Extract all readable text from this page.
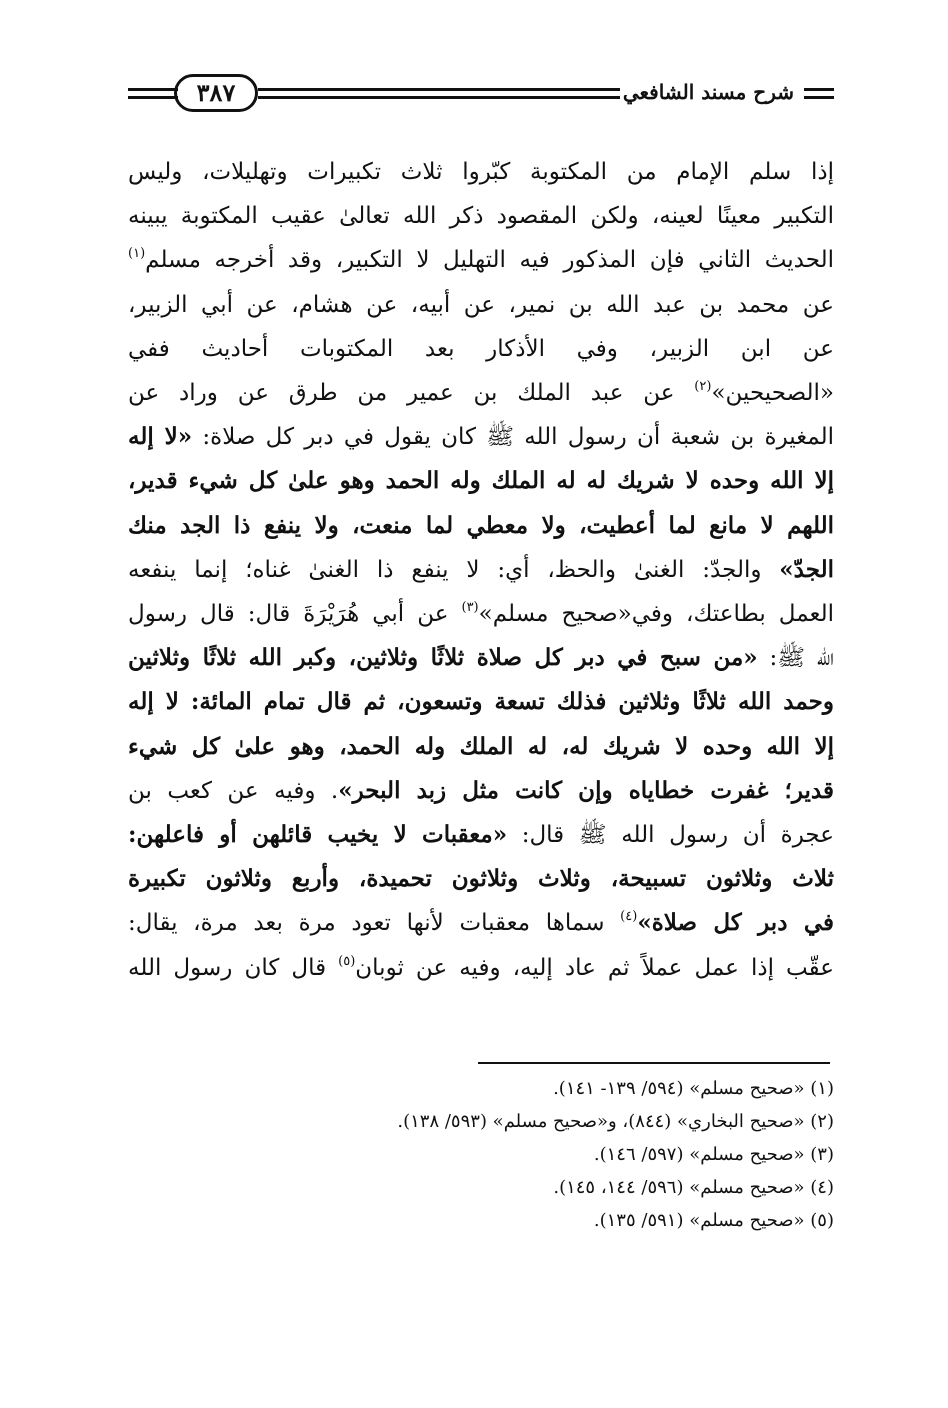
شرح مسند الشافعي
٣٨٧
إذا سلم الإمام من المكتوبة كبّروا ثلاث تكبيرات وتهليلات، وليس
التكبير معينًا لعينه، ولكن المقصود ذكر الله تعالىٰ عقيب المكتوبة يبينه
الحديث الثاني فإن المذكور فيه التهليل لا التكبير، وقد أخرجه مسلم$^{(١)}$
عن محمد بن عبد الله بن نمير، عن أبيه، عن هشام، عن أبي الزبير،
عن ابن الزبير، وفي الأذكار بعد المكتوبات أحاديث ففي
«الصحيحين»$^{(٢)}$ عن عبد الملك بن عمير من طرق عن وراد عن
المغيرة بن شعبة أن رسول الله ﷺ كان يقول في دبر كل صلاة: «لا إله
إلا الله وحده لا شريك له له الملك وله الحمد وهو علىٰ كل شيء قدير،
اللهم لا مانع لما أعطيت، ولا معطي لما منعت، ولا ينفع ذا الجد منك
الجدّ» والجدّ: الغنىٰ والحظ، أي: لا ينفع ذا الغنىٰ غناه؛ إنما ينفعه
العمل بطاعتك، وفي«صحيح مسلم»$^{(٣)}$ عن أبي هُرَيْرَةَ قال: قال رسول
الله ﷺ: «من سبح في دبر كل صلاة ثلاثًا وثلاثين، وكبر الله ثلاثًا وثلاثين
وحمد الله ثلاثًا وثلاثين فذلك تسعة وتسعون، ثم قال تمام المائة: لا إله
إلا الله وحده لا شريك له، له الملك وله الحمد، وهو علىٰ كل شيء
قدير؛ غفرت خطاياه وإن كانت مثل زبد البحر». وفيه عن كعب بن
عجرة أن رسول الله ﷺ قال: «معقبات لا يخيب قائلهن أو فاعلهن:
ثلاث وثلاثون تسبيحة، وثلاث وثلاثون تحميدة، وأربع وثلاثون تكبيرة
في دبر كل صلاة»$^{(٤)}$ سماها معقبات لأنها تعود مرة بعد مرة، يقال:
عقّب إذا عمل عملاً ثم عاد إليه، وفيه عن ثوبان$^{(٥)}$ قال كان رسول الله
(١) «صحيح مسلم» (٥٩٤/ ١٣٩- ١٤١).
(٢) «صحيح البخاري» (٨٤٤)، و«صحيح مسلم» (٥٩٣/ ١٣٨).
(٣) «صحيح مسلم» (٥٩٧/ ١٤٦).
(٤) «صحيح مسلم» (٥٩٦/ ١٤٤، ١٤٥).
(٥) «صحيح مسلم» (٥٩١/ ١٣٥).
